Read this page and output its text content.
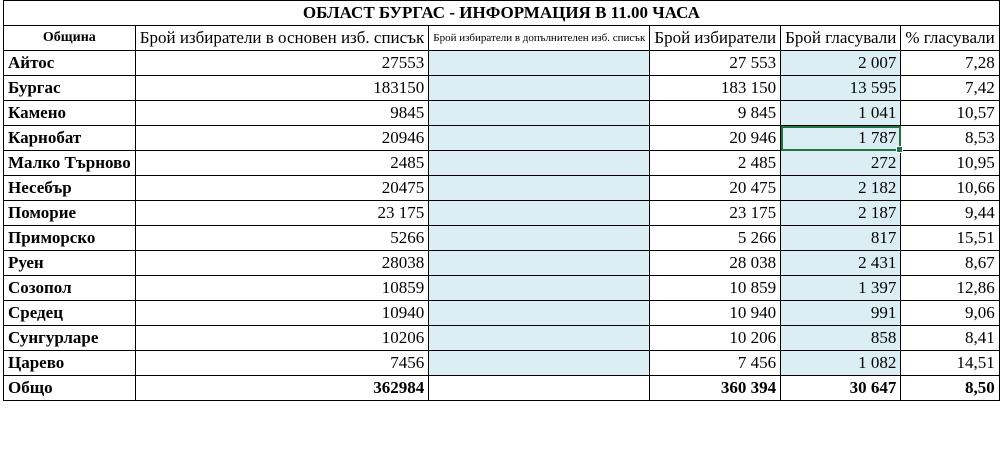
ОБЛАСТ БУРГАС - ИНФОРМАЦИЯ В 11.00 ЧАСА					
Община	Брой избиратели в основен изб. списък	Брой избиратели в допълнителен изб. списък	Брой избиратели	Брой гласували	% гласували
Айтос	27553		27 553	2 007	7,28
Бургас	183150		183 150	13 595	7,42
Камено	9845		9 845	1 041	10,57
Карнобат	20946		20 946	1 787	8,53
Малко Търново	2485		2 485	272	10,95
Несебър	20475		20 475	2 182	10,66
Поморие	23 175		23 175	2 187	9,44
Приморско	5266		5 266	817	15,51
Руен	28038		28 038	2 431	8,67
Созопол	10859		10 859	1 397	12,86
Средец	10940		10 940	991	9,06
Сунгурларе	10206		10 206	858	8,41
Царево	7456		7 456	1 082	14,51
Общо	362984		360 394	30 647	8,50
